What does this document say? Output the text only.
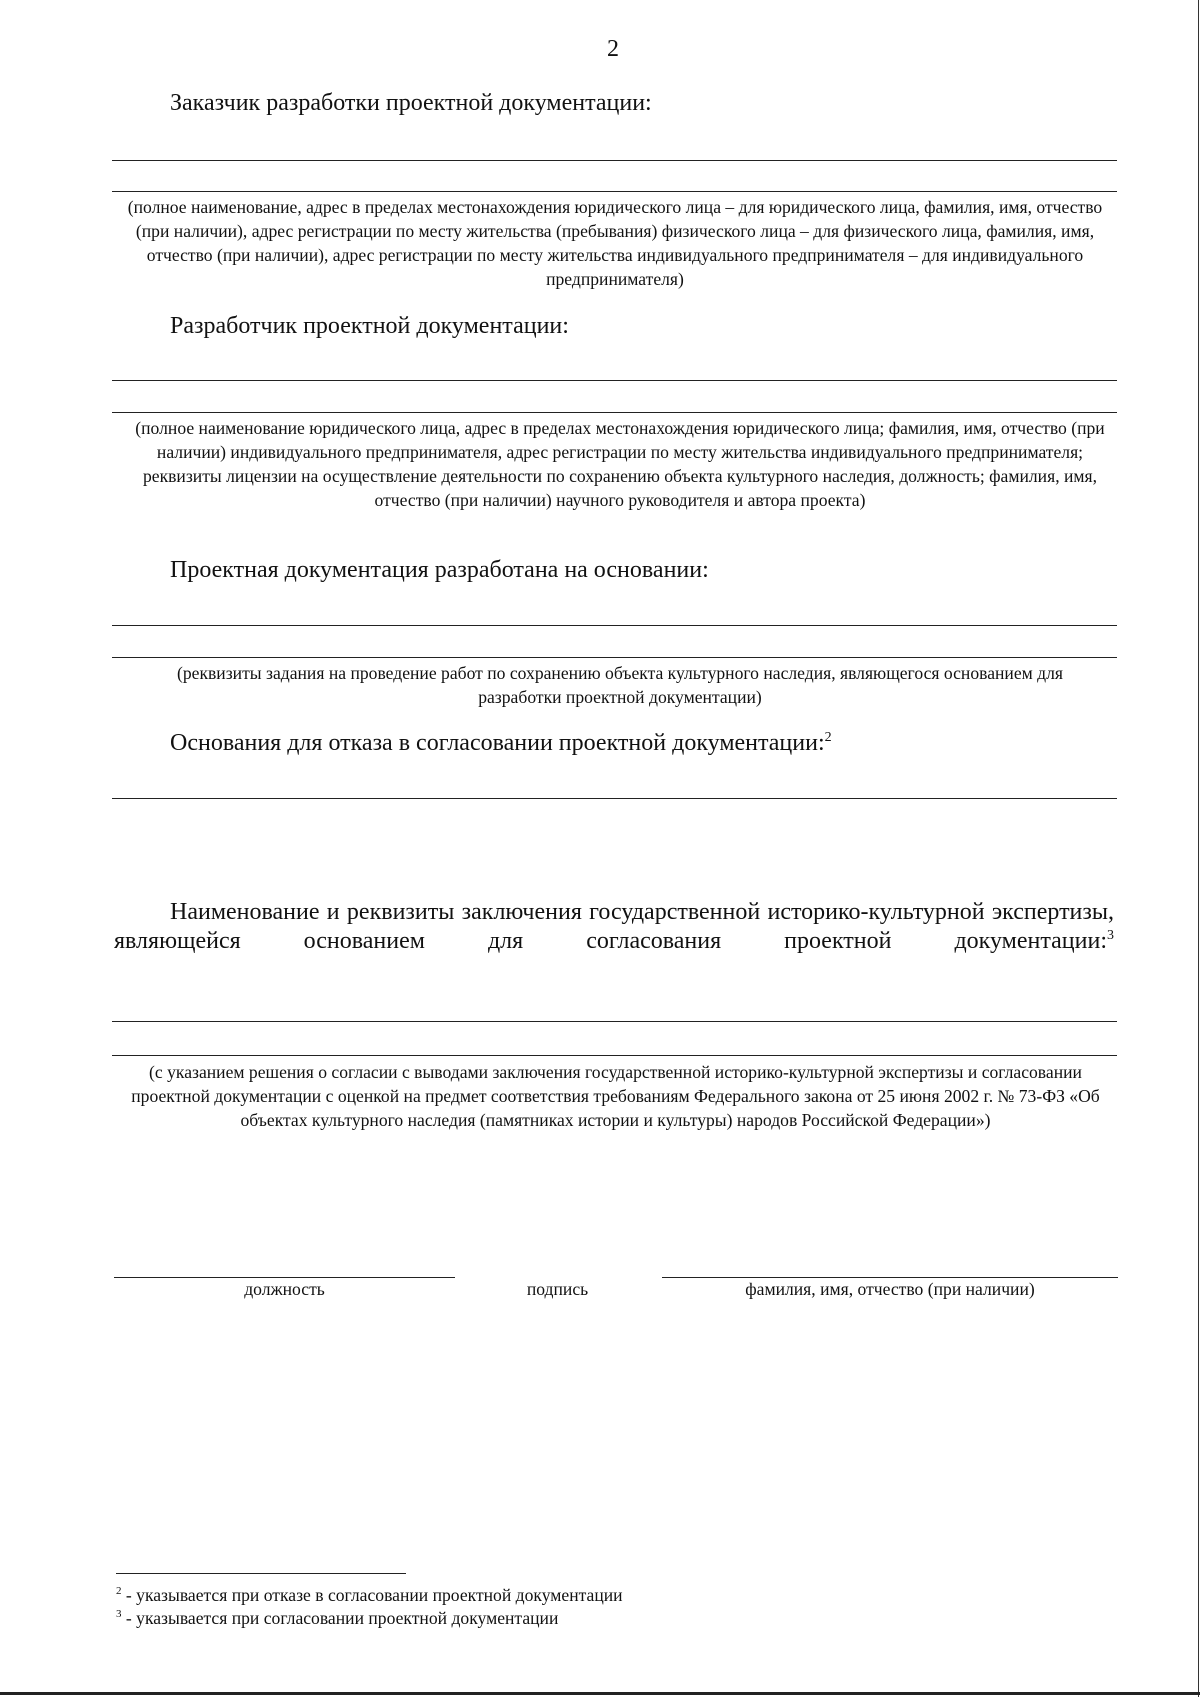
2
Заказчик разработки проектной документации:
(полное наименование, адрес в пределах местонахождения юридического лица – для юридического лица, фамилия, имя, отчество (при наличии), адрес регистрации по месту жительства (пребывания) физического лица – для физического лица, фамилия, имя, отчество (при наличии), адрес регистрации по месту жительства индивидуального предпринимателя – для индивидуального предпринимателя)
Разработчик проектной документации:
(полное наименование юридического лица, адрес в пределах местонахождения юридического лица; фамилия, имя, отчество (при наличии) индивидуального предпринимателя, адрес регистрации по месту жительства индивидуального предпринимателя; реквизиты лицензии на осуществление деятельности по сохранению объекта культурного наследия, должность; фамилия, имя, отчество (при наличии) научного руководителя и автора проекта)
Проектная документация разработана на основании:
(реквизиты задания на проведение работ по сохранению объекта культурного наследия, являющегося основанием для разработки проектной документации)
Основания для отказа в согласовании проектной документации:$^2$
Наименование и реквизиты заключения государственной историко-культурной экспертизы, являющейся основанием для согласования проектной документации:$^3$
(с указанием решения о согласии с выводами заключения государственной историко-культурной экспертизы и согласовании проектной документации с оценкой на предмет соответствия требованиям Федерального закона от 25 июня 2002 г. № 73-ФЗ «Об объектах культурного наследия (памятниках истории и культуры) народов Российской Федерации»)
должность	подпись	фамилия, имя, отчество (при наличии)
$^2$ - указывается при отказе в согласовании проектной документации
$^3$ - указывается при согласовании проектной документации
